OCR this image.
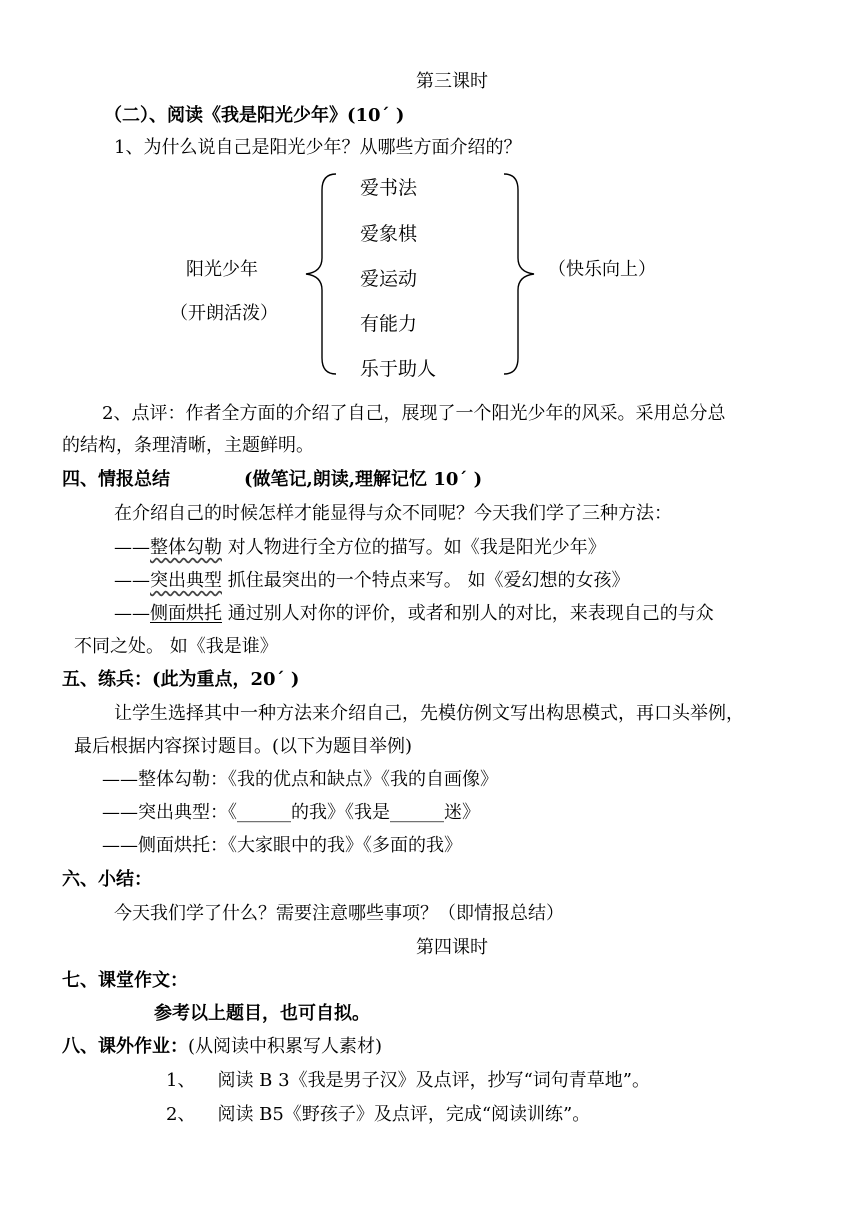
第三课时
（二）、阅读《我是阳光少年》(10´ )
1、为什么说自己是阳光少年？从哪些方面介绍的？
阳光少年
（开朗活泼）
爱书法
爱象棋
爱运动
有能力
乐于助人
（快乐向上）
2、点评：作者全方面的介绍了自己，展现了一个阳光少年的风采。采用总分总
的结构，条理清晰，主题鲜明。
四、情报总结	(做笔记,朗读,理解记忆 10´ )
在介绍自己的时候怎样才能显得与众不同呢？今天我们学了三种方法：
——整体勾勒 对人物进行全方位的描写。如《我是阳光少年》
——突出典型 抓住最突出的一个特点来写。 如《爱幻想的女孩》
——侧面烘托 通过别人对你的评价，或者和别人的对比，来表现自己的与众
不同之处。 如《我是谁》
五、练兵：(此为重点，20´ )
让学生选择其中一种方法来介绍自己，先模仿例文写出构思模式，再口头举例，
最后根据内容探讨题目。(以下为题目举例)
——整体勾勒：《我的优点和缺点》《我的自画像》
——突出典型：《______的我》《我是______迷》
——侧面烘托：《大家眼中的我》《多面的我》
六、小结：
今天我们学了什么？需要注意哪些事项？（即情报总结）
第四课时
七、课堂作文：
参考以上题目，也可自拟。
八、课外作业：(从阅读中积累写人素材)
1、 阅读 B 3《我是男子汉》及点评，抄写“词句青草地”。
2、 阅读 B5《野孩子》及点评，完成“阅读训练”。
